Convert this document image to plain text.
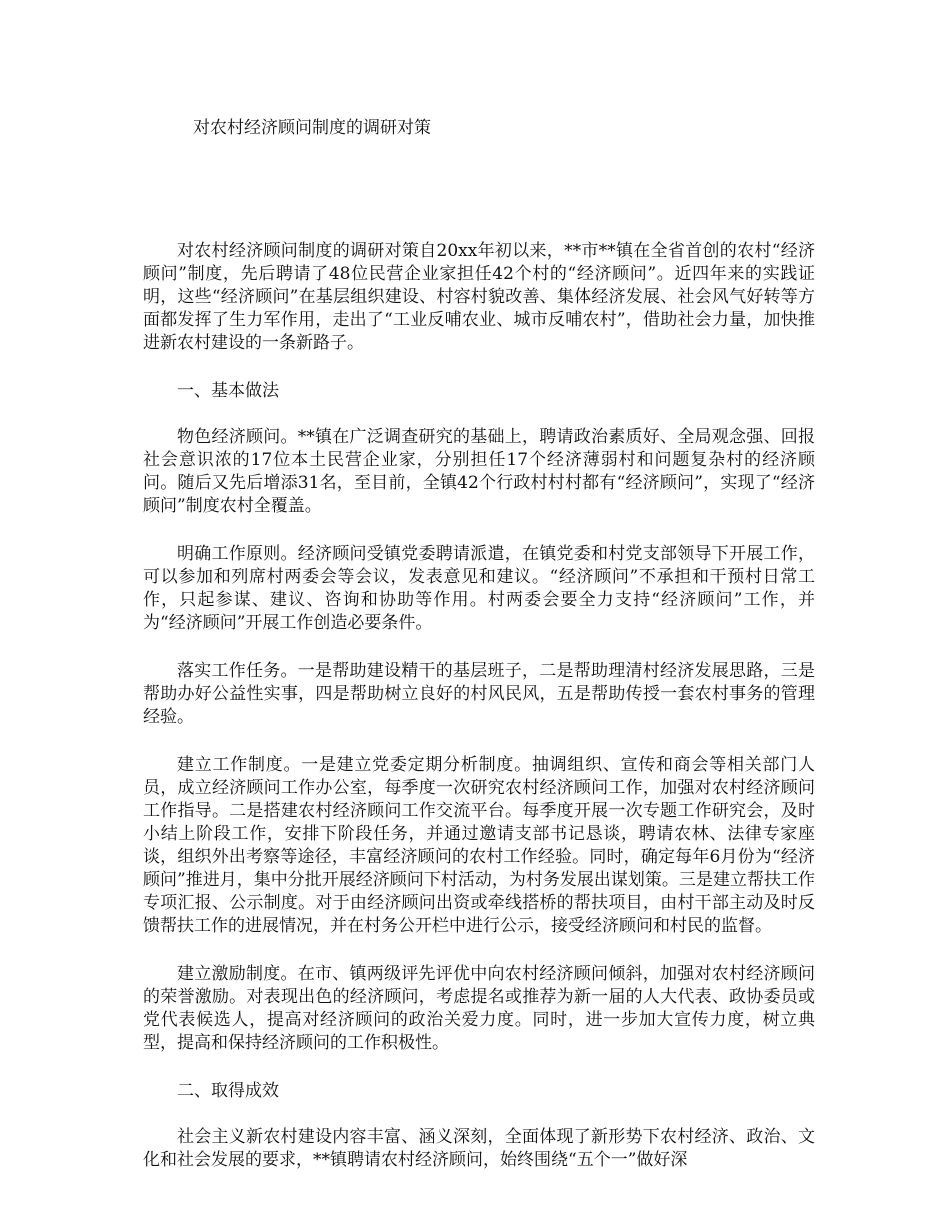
对农村经济顾问制度的调研对策

对农村经济顾问制度的调研对策自20xx年初以来，**市**镇在全省首创的农村“经济顾问”制度，先后聘请了48位民营企业家担任42个村的“经济顾问”。近四年来的实践证明，这些“经济顾问”在基层组织建设、村容村貌改善、集体经济发展、社会风气好转等方面都发挥了生力军作用，走出了“工业反哺农业、城市反哺农村”，借助社会力量，加快推进新农村建设的一条新路子。

一、基本做法

物色经济顾问。**镇在广泛调查研究的基础上，聘请政治素质好、全局观念强、回报社会意识浓的17位本土民营企业家，分别担任17个经济薄弱村和问题复杂村的经济顾问。随后又先后增添31名，至目前，全镇42个行政村村村都有“经济顾问”，实现了“经济顾问”制度农村全覆盖。

明确工作原则。经济顾问受镇党委聘请派遣，在镇党委和村党支部领导下开展工作，可以参加和列席村两委会等会议，发表意见和建议。“经济顾问”不承担和干预村日常工作，只起参谋、建议、咨询和协助等作用。村两委会要全力支持“经济顾问”工作，并为“经济顾问”开展工作创造必要条件。

落实工作任务。一是帮助建设精干的基层班子，二是帮助理清村经济发展思路，三是帮助办好公益性实事，四是帮助树立良好的村风民风，五是帮助传授一套农村事务的管理经验。

建立工作制度。一是建立党委定期分析制度。抽调组织、宣传和商会等相关部门人员，成立经济顾问工作办公室，每季度一次研究农村经济顾问工作，加强对农村经济顾问工作指导。二是搭建农村经济顾问工作交流平台。每季度开展一次专题工作研究会，及时小结上阶段工作，安排下阶段任务，并通过邀请支部书记恳谈，聘请农林、法律专家座谈，组织外出考察等途径，丰富经济顾问的农村工作经验。同时，确定每年6月份为“经济顾问”推进月，集中分批开展经济顾问下村活动，为村务发展出谋划策。三是建立帮扶工作专项汇报、公示制度。对于由经济顾问出资或牵线搭桥的帮扶项目，由村干部主动及时反馈帮扶工作的进展情况，并在村务公开栏中进行公示，接受经济顾问和村民的监督。

建立激励制度。在市、镇两级评先评优中向农村经济顾问倾斜，加强对农村经济顾问的荣誉激励。对表现出色的经济顾问，考虑提名或推荐为新一届的人大代表、政协委员或党代表候选人，提高对经济顾问的政治关爱力度。同时，进一步加大宣传力度，树立典型，提高和保持经济顾问的工作积极性。

二、取得成效

社会主义新农村建设内容丰富、涵义深刻，全面体现了新形势下农村经济、政治、文化和社会发展的要求，**镇聘请农村经济顾问，始终围绕“五个一”做好深
